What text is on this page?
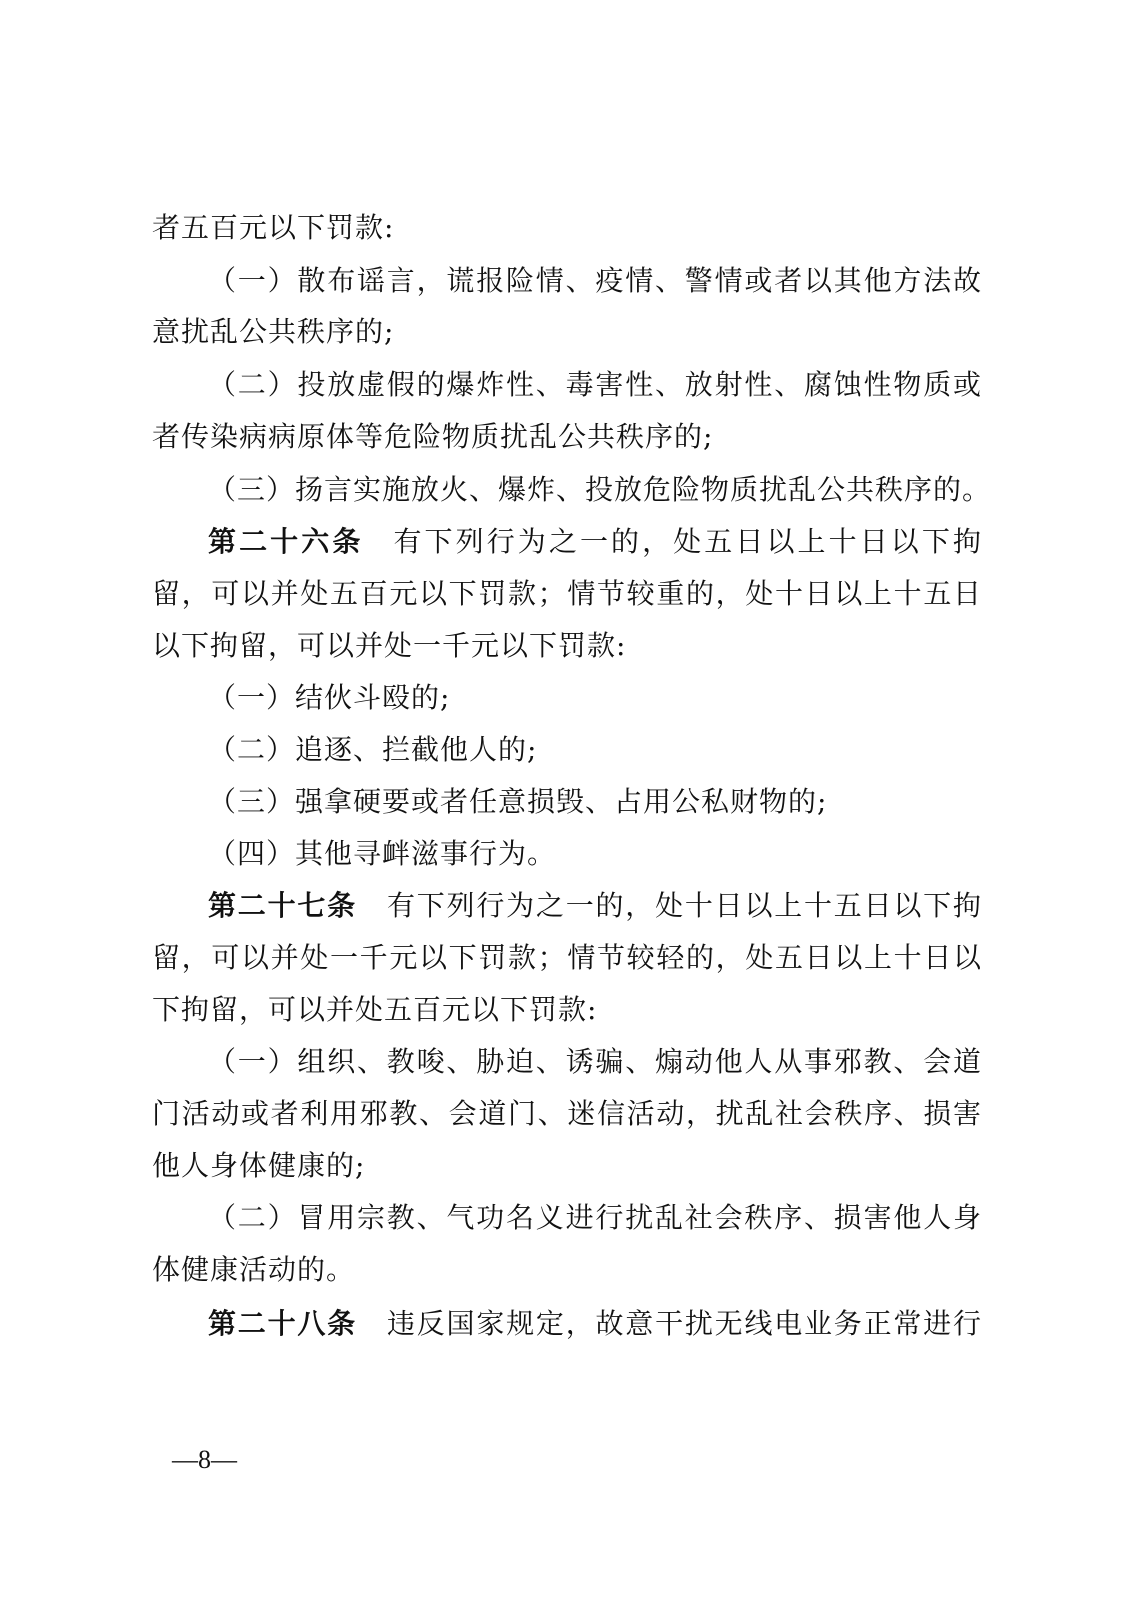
者五百元以下罚款:
（一）散布谣言，谎报险情、疫情、警情或者以其他方法故
意扰乱公共秩序的;
（二）投放虚假的爆炸性、毒害性、放射性、腐蚀性物质或
者传染病病原体等危险物质扰乱公共秩序的;
（三）扬言实施放火、爆炸、投放危险物质扰乱公共秩序的。
第二十六条 有下列行为之一的，处五日以上十日以下拘
留，可以并处五百元以下罚款；情节较重的，处十日以上十五日
以下拘留，可以并处一千元以下罚款:
（一）结伙斗殴的;
（二）追逐、拦截他人的;
（三）强拿硬要或者任意损毁、占用公私财物的;
（四）其他寻衅滋事行为。
第二十七条 有下列行为之一的，处十日以上十五日以下拘
留，可以并处一千元以下罚款；情节较轻的，处五日以上十日以
下拘留，可以并处五百元以下罚款:
（一）组织、教唆、胁迫、诱骗、煽动他人从事邪教、会道
门活动或者利用邪教、会道门、迷信活动，扰乱社会秩序、损害
他人身体健康的;
（二）冒用宗教、气功名义进行扰乱社会秩序、损害他人身
体健康活动的。
第二十八条 违反国家规定，故意干扰无线电业务正常进行
—8—
